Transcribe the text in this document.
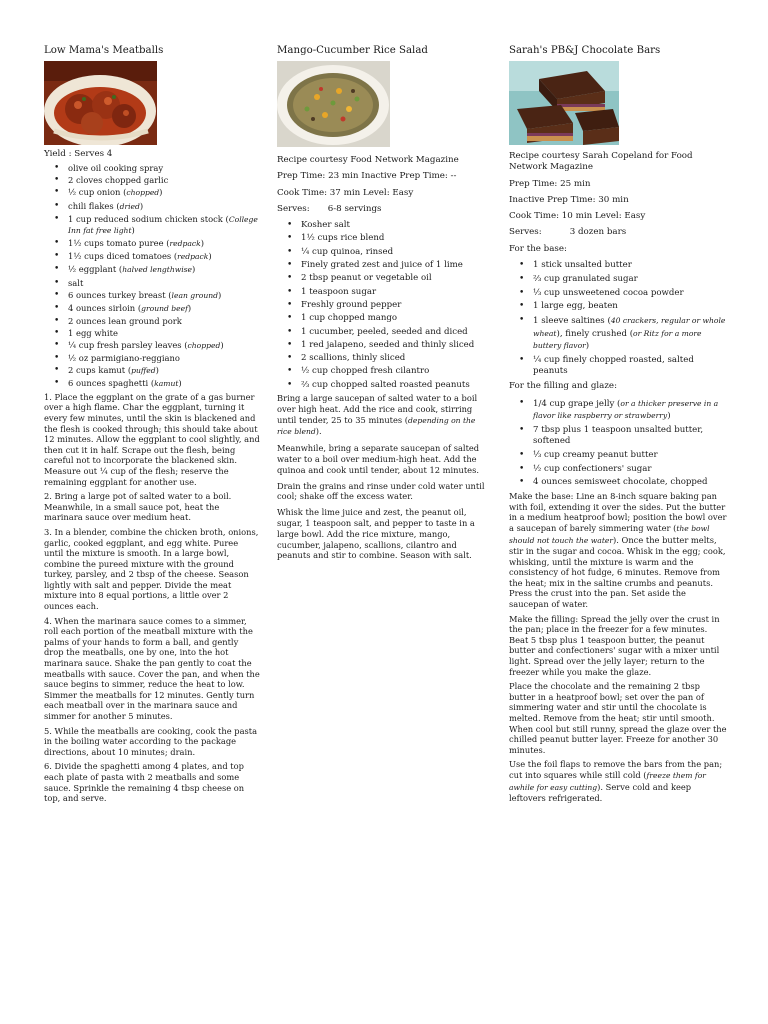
Low Mama's Meatballs
Yield : Serves 4
• olive oil cooking spray
• 2 cloves chopped garlic
• ½ cup onion (chopped)
• chili flakes (dried)
• 1 cup reduced sodium chicken stock (College Inn fat free light)
• 1½ cups tomato puree (redpack)
• 1½ cups diced tomatoes (redpack)
• ½ eggplant (halved lengthwise)
• salt
• 6 ounces turkey breast (lean ground)
• 4 ounces sirloin (ground beef)
• 2 ounces lean ground pork
• 1 egg white
• ¼ cup fresh parsley leaves (chopped)
• ½ oz parmigiano-reggiano
• 2 cups kamut (puffed)
• 6 ounces spaghetti (kamut)
1. Place the eggplant on the grate of a gas burner over a high flame. Char the eggplant, turning it every few minutes, until the skin is blackened and the flesh is cooked through; this should take about 12 minutes. Allow the eggplant to cool slightly, and then cut it in half. Scrape out the flesh, being careful not to incorporate the blackened skin. Measure out ¼ cup of the flesh; reserve the remaining eggplant for another use.
2. Bring a large pot of salted water to a boil. Meanwhile, in a small sauce pot, heat the marinara sauce over medium heat.
3. In a blender, combine the chicken broth, onions, garlic, cooked eggplant, and egg white. Puree until the mixture is smooth. In a large bowl, combine the pureed mixture with the ground turkey, parsley, and 2 tbsp of the cheese. Season lightly with salt and pepper. Divide the meat mixture into 8 equal portions, a little over 2 ounces each.
4. When the marinara sauce comes to a simmer, roll each portion of the meatball mixture with the palms of your hands to form a ball, and gently drop the meatballs, one by one, into the hot marinara sauce. Shake the pan gently to coat the meatballs with sauce. Cover the pan, and when the sauce begins to simmer, reduce the heat to low. Simmer the meatballs for 12 minutes. Gently turn each meatball over in the marinara sauce and simmer for another 5 minutes.
5. While the meatballs are cooking, cook the pasta in the boiling water according to the package directions, about 10 minutes; drain.
6. Divide the spaghetti among 4 plates, and top each plate of pasta with 2 meatballs and some sauce. Sprinkle the remaining 4 tbsp cheese on top, and serve.
Mango-Cucumber Rice Salad
Recipe courtesy Food Network Magazine
Prep Time: 23 min Inactive Prep Time: --
Cook Time: 37 min Level: Easy
Serves: 6-8 servings
• Kosher salt
• 1½ cups rice blend
• ¼ cup quinoa, rinsed
• Finely grated zest and juice of 1 lime
• 2 tbsp peanut or vegetable oil
• 1 teaspoon sugar
• Freshly ground pepper
• 1 cup chopped mango
• 1 cucumber, peeled, seeded and diced
• 1 red jalapeno, seeded and thinly sliced
• 2 scallions, thinly sliced
• ½ cup chopped fresh cilantro
• ⅔ cup chopped salted roasted peanuts
Bring a large saucepan of salted water to a boil over high heat. Add the rice and cook, stirring until tender, 25 to 35 minutes (depending on the rice blend).
Meanwhile, bring a separate saucepan of salted water to a boil over medium-high heat. Add the quinoa and cook until tender, about 12 minutes.
Drain the grains and rinse under cold water until cool; shake off the excess water.
Whisk the lime juice and zest, the peanut oil, sugar, 1 teaspoon salt, and pepper to taste in a large bowl. Add the rice mixture, mango, cucumber, jalapeno, scallions, cilantro and peanuts and stir to combine. Season with salt.
Sarah's PB&J Chocolate Bars
Recipe courtesy Sarah Copeland for Food Network Magazine
Prep Time: 25 min
Inactive Prep Time: 30 min
Cook Time: 10 min Level: Easy
Serves:	3 dozen bars
For the base:
• 1 stick unsalted butter
• ⅔ cup granulated sugar
• ⅓ cup unsweetened cocoa powder
• 1 large egg, beaten
• 1 sleeve saltines (40 crackers, regular or whole wheat), finely crushed (or Ritz for a more buttery flavor)
• ¼ cup finely chopped roasted, salted peanuts
For the filling and glaze:
• 1/4 cup grape jelly (or a thicker preserve in a flavor like raspberry or strawberry)
• 7 tbsp plus 1 teaspoon unsalted butter, softened
• ⅓ cup creamy peanut butter
• ½ cup confectioners' sugar
• 4 ounces semisweet chocolate, chopped
Make the base: Line an 8-inch square baking pan with foil, extending it over the sides. Put the butter in a medium heatproof bowl; position the bowl over a saucepan of barely simmering water (the bowl should not touch the water). Once the butter melts, stir in the sugar and cocoa. Whisk in the egg; cook, whisking, until the mixture is warm and the consistency of hot fudge, 6 minutes. Remove from the heat; mix in the saltine crumbs and peanuts. Press the crust into the pan. Set aside the saucepan of water.
Make the filling: Spread the jelly over the crust in the pan; place in the freezer for a few minutes. Beat 5 tbsp plus 1 teaspoon butter, the peanut butter and confectioners' sugar with a mixer until light. Spread over the jelly layer; return to the freezer while you make the glaze.
Place the chocolate and the remaining 2 tbsp butter in a heatproof bowl; set over the pan of simmering water and stir until the chocolate is melted. Remove from the heat; stir until smooth. When cool but still runny, spread the glaze over the chilled peanut butter layer. Freeze for another 30 minutes.
Use the foil flaps to remove the bars from the pan; cut into squares while still cold (freeze them for awhile for easy cutting). Serve cold and keep leftovers refrigerated.
